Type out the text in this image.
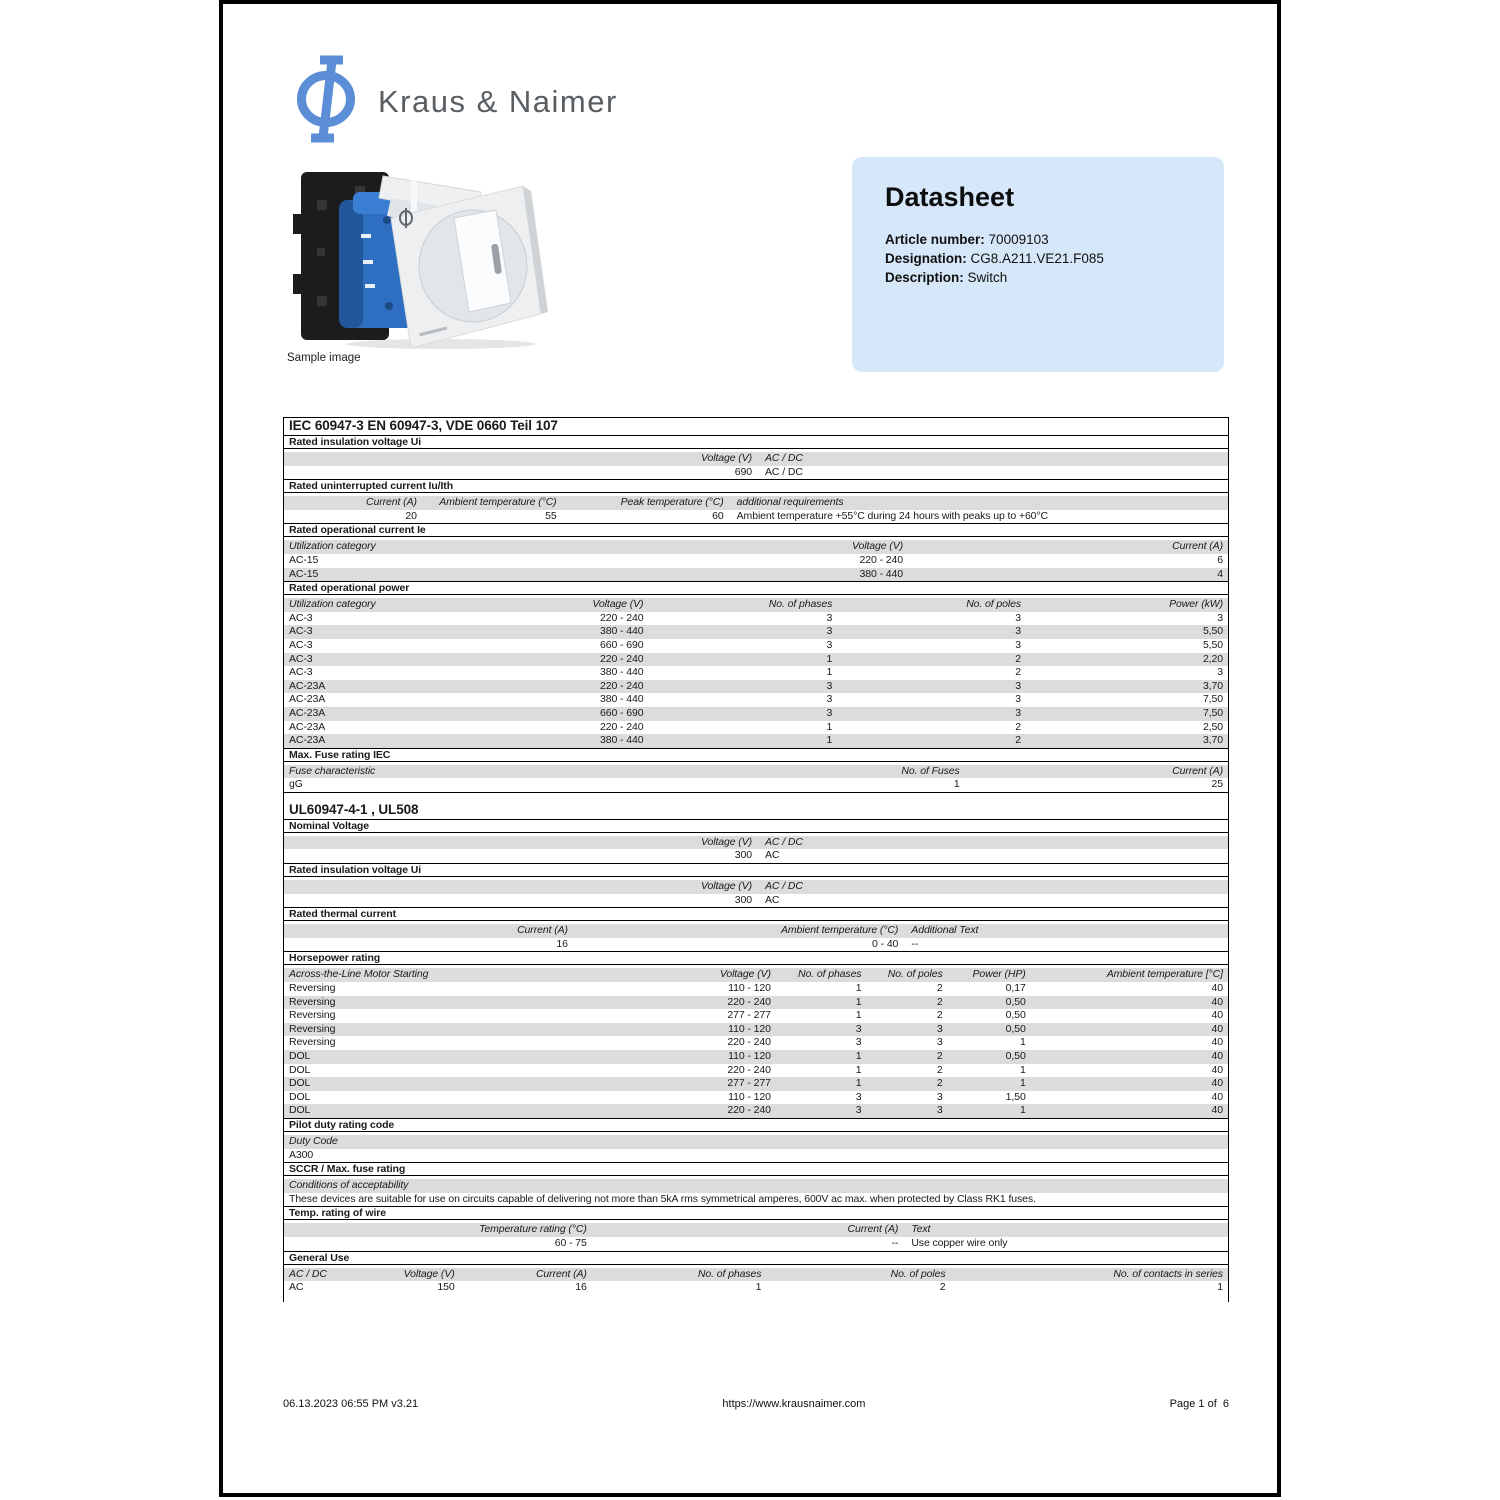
Kraus & Naimer
Sample image
Datasheet

Article number: 70009103

Designation: CG8.A211.VE21.F085

Description: Switch

IEC 60947-3 EN 60947-3, VDE 0660 Teil 107
Rated insulation voltage Ui
Voltage (V)	AC / DC
690	AC / DC
Rated uninterrupted current Iu/Ith
Current (A)	Ambient temperature (°C)	Peak temperature (°C)	additional requirements
20	55	60	Ambient temperature +55°C during 24 hours with peaks up to +60°C
Rated operational current Ie
Utilization category	Voltage (V)	Current (A)
AC-15	220 - 240	6
AC-15	380 - 440	4
Rated operational power
Utilization category	Voltage (V)	No. of phases	No. of poles	Power (kW)
AC-3	220 - 240	3	3	3
AC-3	380 - 440	3	3	5,50
AC-3	660 - 690	3	3	5,50
AC-3	220 - 240	1	2	2,20
AC-3	380 - 440	1	2	3
AC-23A	220 - 240	3	3	3,70
AC-23A	380 - 440	3	3	7,50
AC-23A	660 - 690	3	3	7,50
AC-23A	220 - 240	1	2	2,50
AC-23A	380 - 440	1	2	3,70
Max. Fuse rating IEC
Fuse characteristic	No. of Fuses	Current (A)
gG	1	25
UL60947-4-1 , UL508
Nominal Voltage
Voltage (V)	AC / DC
300	AC
Rated insulation voltage Ui
Voltage (V)	AC / DC
300	AC
Rated thermal current
Current (A)	Ambient temperature (°C)	Additional Text
16	0 - 40	--
Horsepower rating
Across-the-Line Motor Starting	Voltage (V)	No. of phases	No. of poles	Power (HP)	Ambient temperature [°C]
Reversing	110 - 120	1	2	0,17	40
Reversing	220 - 240	1	2	0,50	40
Reversing	277 - 277	1	2	0,50	40
Reversing	110 - 120	3	3	0,50	40
Reversing	220 - 240	3	3	1	40
DOL	110 - 120	1	2	0,50	40
DOL	220 - 240	1	2	1	40
DOL	277 - 277	1	2	1	40
DOL	110 - 120	3	3	1,50	40
DOL	220 - 240	3	3	1	40
Pilot duty rating code
Duty Code
A300
SCCR / Max. fuse rating
Conditions of acceptability
These devices are suitable for use on circuits capable of delivering not more than 5kA rms symmetrical amperes, 600V ac max. when protected by Class RK1 fuses.
Temp. rating of wire
Temperature rating (°C)	Current (A)	Text
60 - 75	--	Use copper wire only
General Use
AC / DC	Voltage (V)	Current (A)	No. of phases	No. of poles	No. of contacts in series
AC	150	16	1	2	1
06.13.2023 06:55 PM v3.21	https://www.krausnaimer.com	Page 1 of  6
